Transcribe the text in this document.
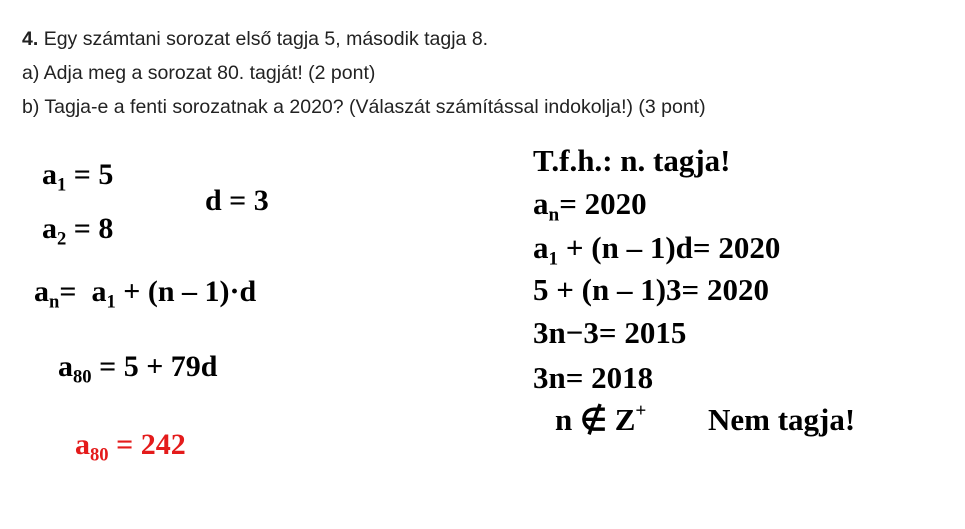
4. Egy számtani sorozat első tagja 5, második tagja 8.
a) Adja meg a sorozat 80. tagját! (2 pont)
b) Tagja-e a fenti sorozatnak a 2020? (Válaszát számítással indokolja!) (3 pont)
$a_1 = 5$
$a_2 = 8$
d = 3
$a_n= a_1 + (n - 1)\cdot d$
$a_{80} = 5 + 79d$
$a_{80} = 242$
T.f.h.: n. tagja!
$a_n= 2020$
$a_1 + (n - 1)d= 2020$
5 + (n – 1)3= 2020
3n−3= 2015
3n= 2018
n ∉ Z+ Nem tagja!
